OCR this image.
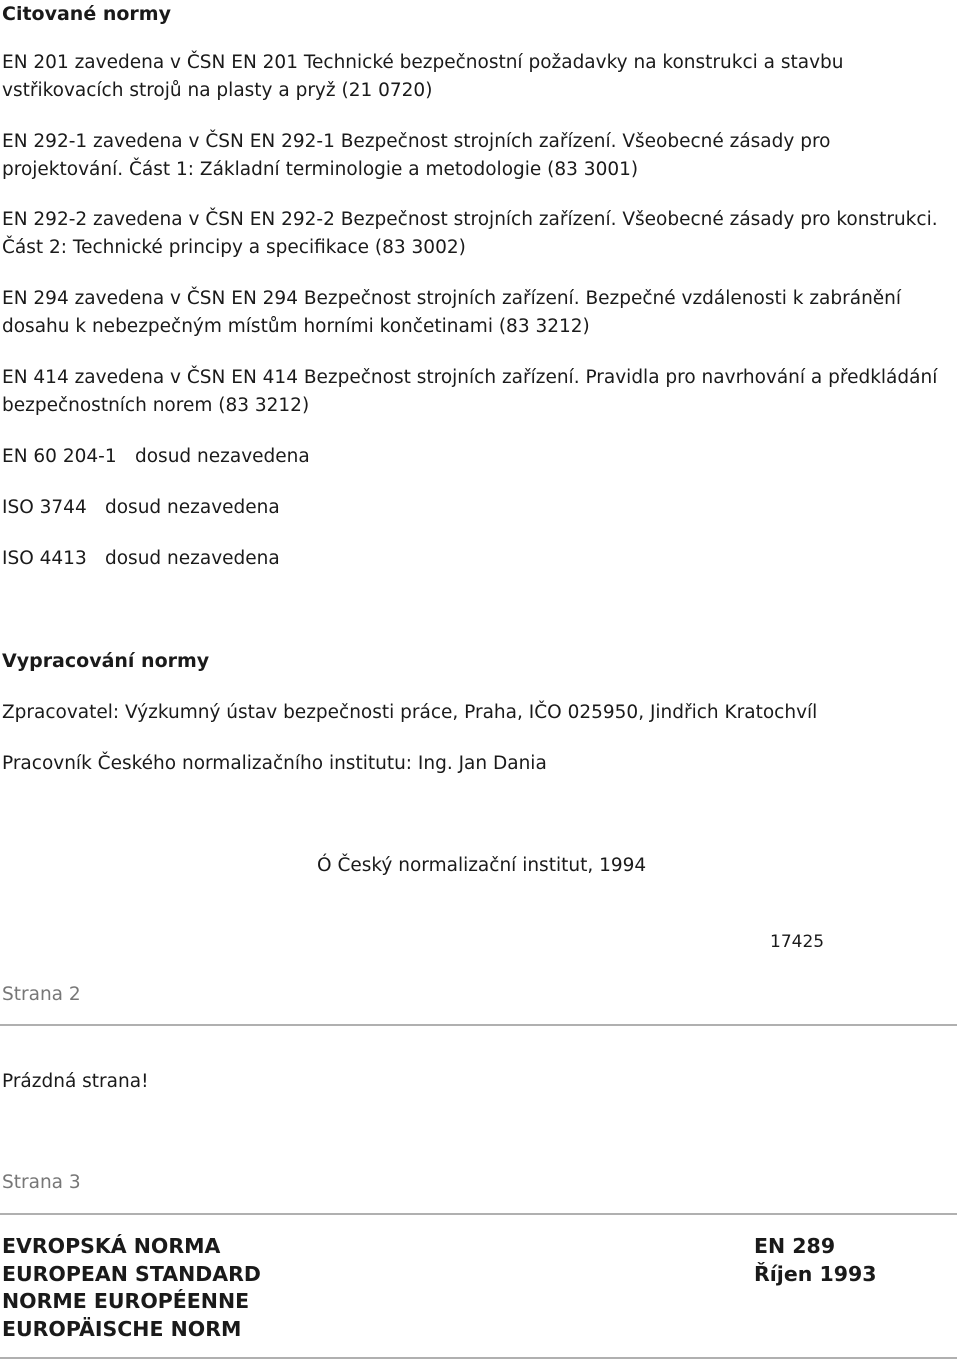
Citované normy
EN 201 zavedena v ČSN EN 201 Technické bezpečnostní požadavky na konstrukci a stavbu
vstřikovacích strojů na plasty a pryž (21 0720)
EN 292-1 zavedena v ČSN EN 292-1 Bezpečnost strojních zařízení. Všeobecné zásady pro
projektování. Část 1: Základní terminologie a metodologie (83 3001)
EN 292-2 zavedena v ČSN EN 292-2 Bezpečnost strojních zařízení. Všeobecné zásady pro konstrukci.
Část 2: Technické principy a specifikace (83 3002)
EN 294 zavedena v ČSN EN 294 Bezpečnost strojních zařízení. Bezpečné vzdálenosti k zabránění
dosahu k nebezpečným místům horními končetinami (83 3212)
EN 414 zavedena v ČSN EN 414 Bezpečnost strojních zařízení. Pravidla pro navrhování a předkládání
bezpečnostních norem (83 3212)
EN 60 204-1 dosud nezavedena
ISO 3744 dosud nezavedena
ISO 4413 dosud nezavedena
Vypracování normy
Zpracovatel: Výzkumný ústav bezpečnosti práce, Praha, IČO 025950, Jindřich Kratochvíl
Pracovník Českého normalizačního institutu: Ing. Jan Dania
Ó Český normalizační institut, 1994
17425
Strana 2
Prázdná strana!
Strana 3
EVROPSKÁ NORMA
EUROPEAN STANDARD
NORME EUROPÉENNE
EUROPÄISCHE NORM
EN 289
Říjen 1993
